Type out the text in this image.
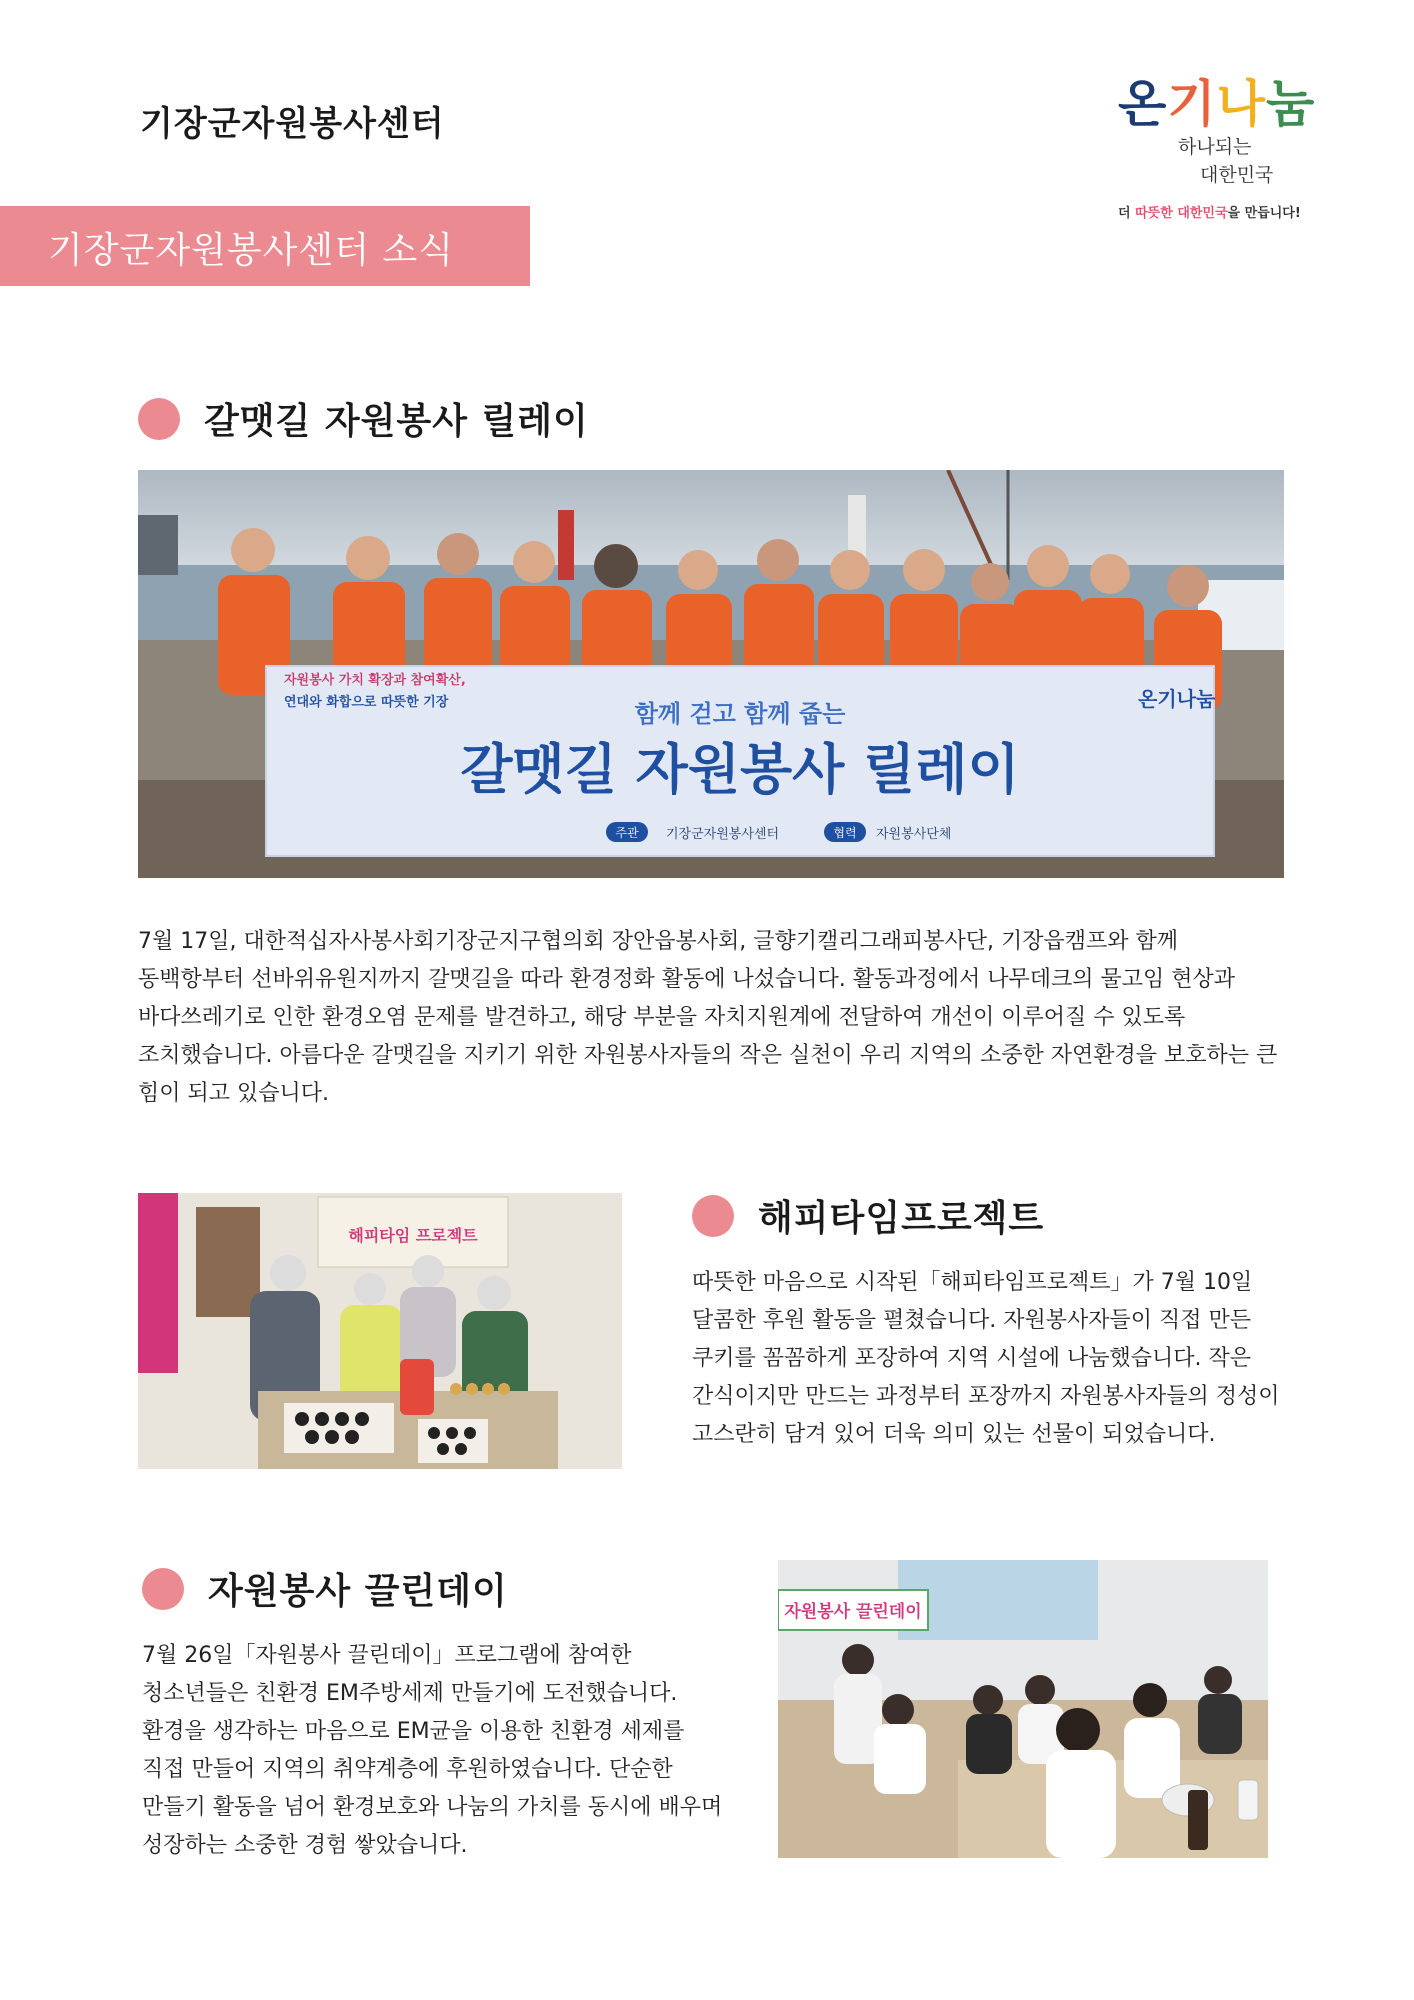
기장군자원봉사센터
기장군자원봉사센터 소식
온기나눔
하나되는
대한민국
더 따뜻한 대한민국을 만듭니다!
갈맷길 자원봉사 릴레이
자원봉사 가치 확장과 참여확산,
연대와 화합으로 따뜻한 기장	함께 걷고 함께 줍는
갈맷길 자원봉사 릴레이
주관 기장군자원봉사센터	협력 자원봉사단체
온기나눔

7월 17일, 대한적십자사봉사회기장군지구협의회 장안읍봉사회, 글향기캘리그래피봉사단, 기장읍캠프와 함께 동백항부터 선바위유원지까지 갈맷길을 따라 환경정화 활동에 나섰습니다. 활동과정에서 나무데크의 물고임 현상과 바다쓰레기로 인한 환경오염 문제를 발견하고, 해당 부분을 자치지원계에 전달하여 개선이 이루어질 수 있도록 조치했습니다. 아름다운 갈맷길을 지키기 위한 자원봉사자들의 작은 실천이 우리 지역의 소중한 자연환경을 보호하는 큰 힘이 되고 있습니다.

해피타임 프로젝트	해피타임프로젝트

따뜻한 마음으로 시작된「해피타임프로젝트」가 7월 10일 달콤한 후원 활동을 펼쳤습니다. 자원봉사자들이 직접 만든 쿠키를 꼼꼼하게 포장하여 지역 시설에 나눔했습니다. 작은 간식이지만 만드는 과정부터 포장까지 자원봉사자들의 정성이 고스란히 담겨 있어 더욱 의미 있는 선물이 되었습니다.

자원봉사 끌린데이

7월 26일「자원봉사 끌린데이」프로그램에 참여한 청소년들은 친환경 EM주방세제 만들기에 도전했습니다. 환경을 생각하는 마음으로 EM균을 이용한 친환경 세제를 직접 만들어 지역의 취약계층에 후원하였습니다. 단순한 만들기 활동을 넘어 환경보호와 나눔의 가치를 동시에 배우며 성장하는 소중한 경험 쌓았습니다.

자원봉사 끌린데이
